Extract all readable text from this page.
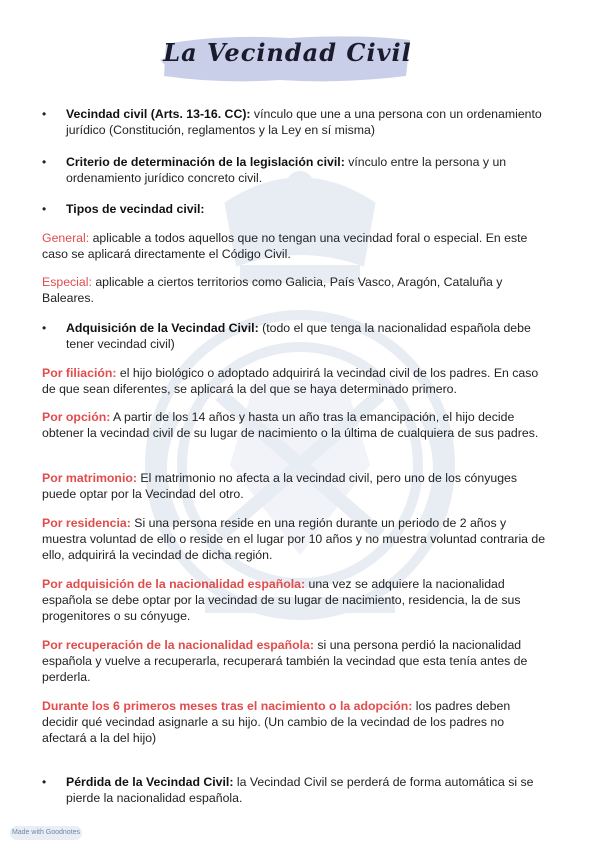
La Vecindad Civil
• Vecindad civil (Arts. 13-16. CC): vínculo que une a una persona con un ordenamiento jurídico (Constitución, reglamentos y la Ley en sí misma)

• Criterio de determinación de la legislación civil: vínculo entre la persona y un ordenamiento jurídico concreto civil.

• Tipos de vecindad civil:

General: aplicable a todos aquellos que no tengan una vecindad foral o especial. En este caso se aplicará directamente el Código Civil.

Especial: aplicable a ciertos territorios como Galicia, País Vasco, Aragón, Cataluña y Baleares.

• Adquisición de la Vecindad Civil: (todo el que tenga la nacionalidad española debe tener vecindad civil)

Por filiación: el hijo biológico o adoptado adquirirá la vecindad civil de los padres. En caso de que sean diferentes, se aplicará la del que se haya determinado primero.

Por opción: A partir de los 14 años y hasta un año tras la emancipación, el hijo decide obtener la vecindad civil de su lugar de nacimiento o la última de cualquiera de sus padres.

Por matrimonio: El matrimonio no afecta a la vecindad civil, pero uno de los cónyuges puede optar por la Vecindad del otro.

Por residencia: Si una persona reside en una región durante un periodo de 2 años y muestra voluntad de ello o reside en el lugar por 10 años y no muestra voluntad contraria de ello, adquirirá la vecindad de dicha región.

Por adquisición de la nacionalidad española: una vez se adquiere la nacionalidad española se debe optar por la vecindad de su lugar de nacimiento, residencia, la de sus progenitores o su cónyuge.

Por recuperación de la nacionalidad española: si una persona perdió la nacionalidad española y vuelve a recuperarla, recuperará también la vecindad que esta tenía antes de perderla.

Durante los 6 primeros meses tras el nacimiento o la adopción: los padres deben decidir qué vecindad asignarle a su hijo. (Un cambio de la vecindad de los padres no afectará a la del hijo)

• Pérdida de la Vecindad Civil: la Vecindad Civil se perderá de forma automática si se pierde la nacionalidad española.

Made with Goodnotes
